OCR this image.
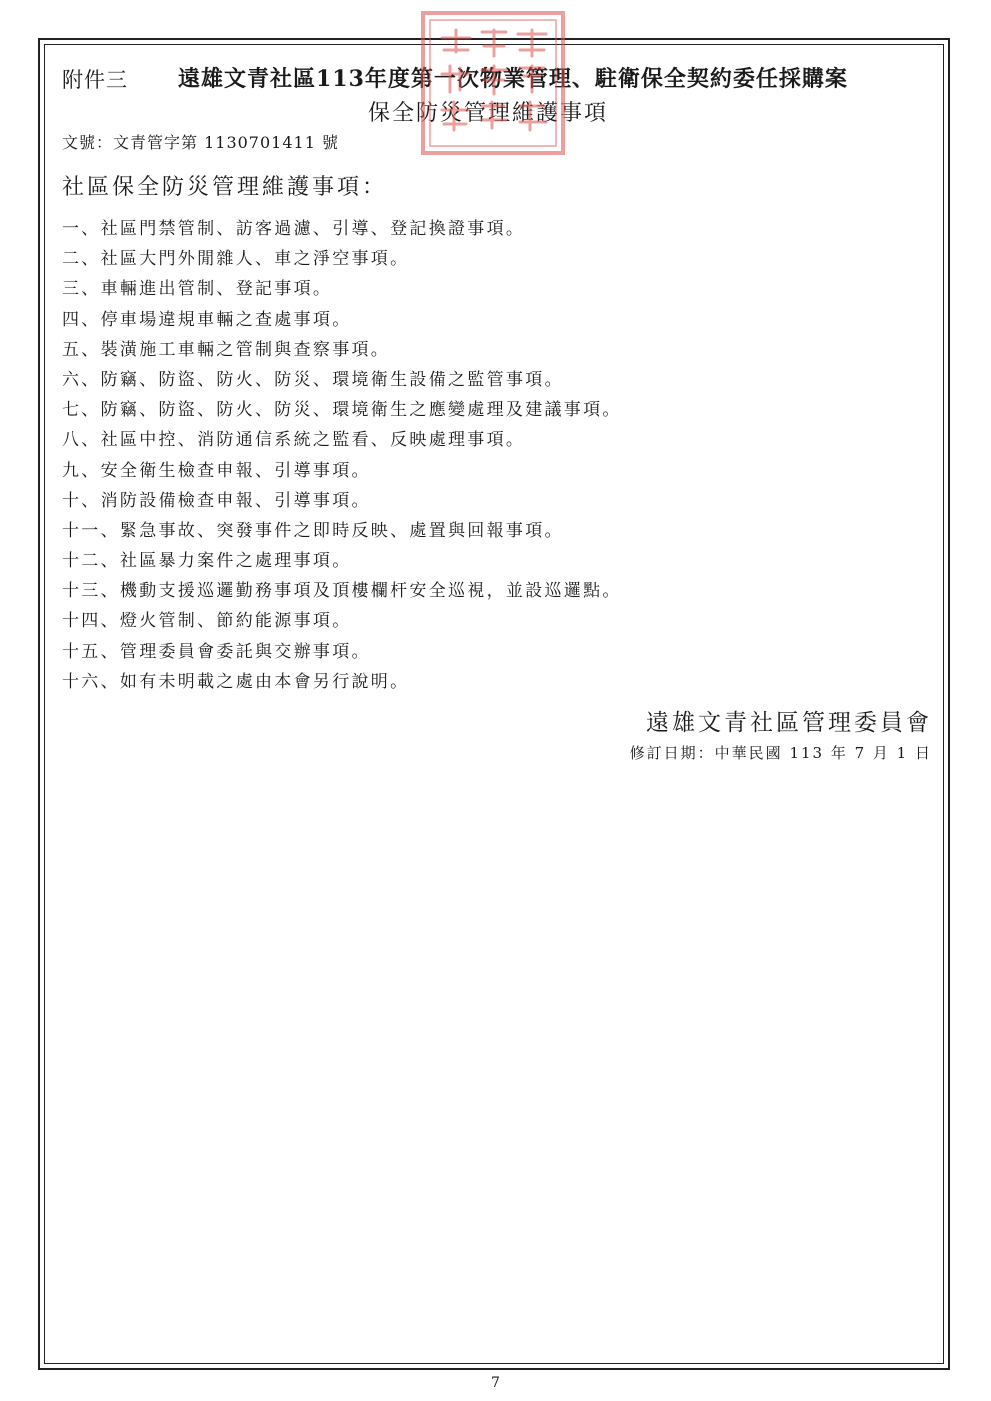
附件三 遠雄文青社區113年度第一次物業管理、駐衛保全契約委任採購案
保全防災管理維護事項
文號：文青管字第 1130701411 號
社區保全防災管理維護事項：
一、社區門禁管制、訪客過濾、引導、登記換證事項。
二、社區大門外閒雜人、車之淨空事項。
三、車輛進出管制、登記事項。
四、停車場違規車輛之查處事項。
五、裝潢施工車輛之管制與查察事項。
六、防竊、防盜、防火、防災、環境衛生設備之監管事項。
七、防竊、防盜、防火、防災、環境衛生之應變處理及建議事項。
八、社區中控、消防通信系統之監看、反映處理事項。
九、安全衛生檢查申報、引導事項。
十、消防設備檢查申報、引導事項。
十一、緊急事故、突發事件之即時反映、處置與回報事項。
十二、社區暴力案件之處理事項。
十三、機動支援巡邏勤務事項及頂樓欄杆安全巡視，並設巡邏點。
十四、燈火管制、節約能源事項。
十五、管理委員會委託與交辦事項。
十六、如有未明載之處由本會另行說明。
遠雄文青社區管理委員會
修訂日期：中華民國 113 年 7 月 1 日
7
